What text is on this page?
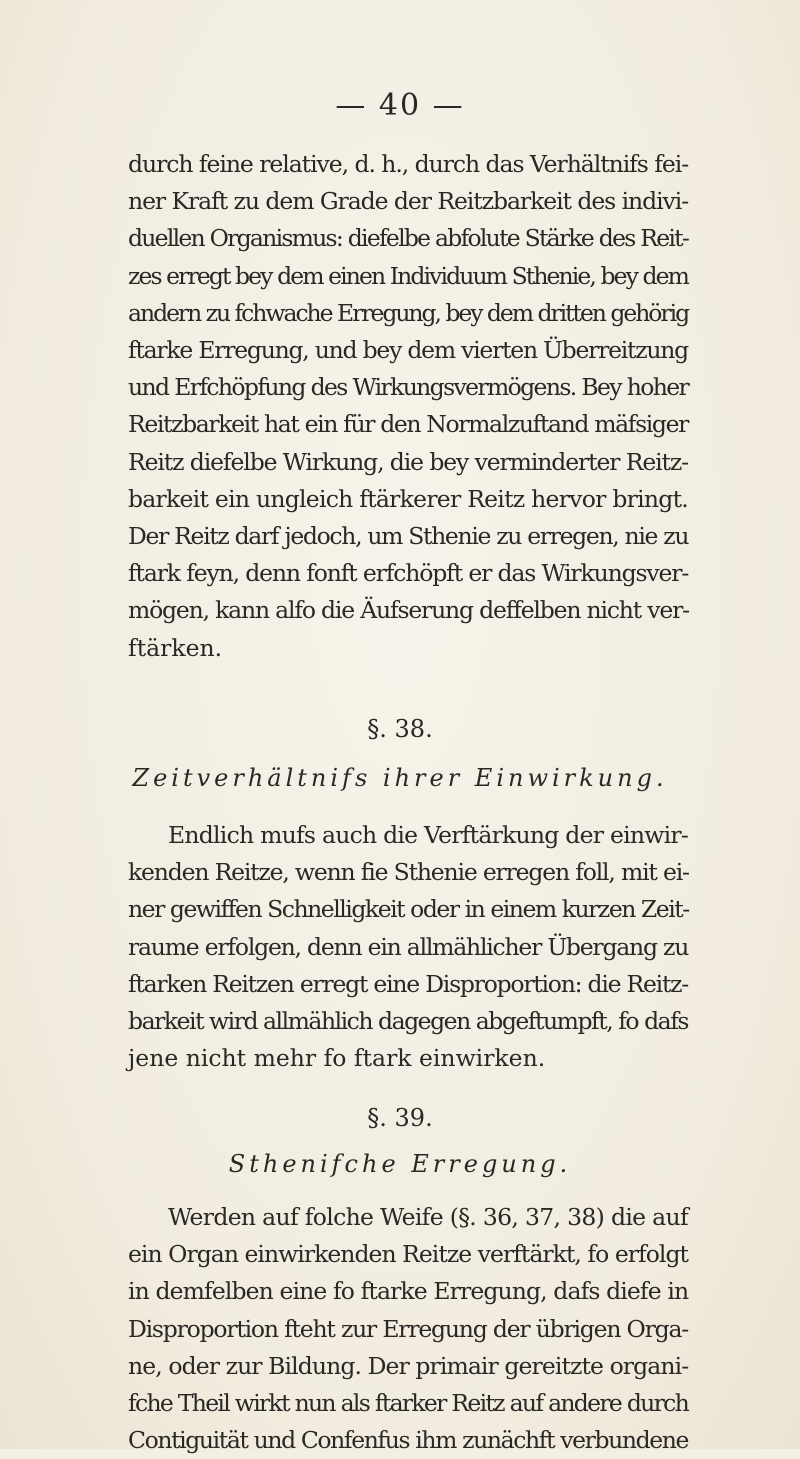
— 40 —
durch feine relative, d. h., durch das Verhältnifs fei-
ner Kraft zu dem Grade der Reitzbarkeit des indivi-
duellen Organismus: diefelbe abfolute Stärke des Reit-
zes erregt bey dem einen Individuum Sthenie, bey dem
andern zu fchwache Erregung, bey dem dritten gehörig
ftarke Erregung, und bey dem vierten Überreitzung
und Erfchöpfung des Wirkungsvermögens. Bey hoher
Reitzbarkeit hat ein für den Normalzuftand mäfsiger
Reitz diefelbe Wirkung, die bey verminderter Reitz-
barkeit ein ungleich ftärkerer Reitz hervor bringt.
Der Reitz darf jedoch, um Sthenie zu erregen, nie zu
ftark feyn, denn fonft erfchöpft er das Wirkungsver-
mögen, kann alfo die Äufserung deffelben nicht ver-
ftärken.
§. 38.
Zeitverhältnifs ihrer Einwirkung.
Endlich mufs auch die Verftärkung der einwir-
kenden Reitze, wenn fie Sthenie erregen foll, mit ei-
ner gewiffen Schnelligkeit oder in einem kurzen Zeit-
raume erfolgen, denn ein allmählicher Übergang zu
ftarken Reitzen erregt eine Disproportion: die Reitz-
barkeit wird allmählich dagegen abgeftumpft, fo dafs
jene nicht mehr fo ftark einwirken.
§. 39.
Sthenifche Erregung.
Werden auf folche Weife (§. 36, 37, 38) die auf
ein Organ einwirkenden Reitze verftärkt, fo erfolgt
in demfelben eine fo ftarke Erregung, dafs diefe in
Disproportion fteht zur Erregung der übrigen Orga-
ne, oder zur Bildung. Der primair gereitzte organi-
fche Theil wirkt nun als ftarker Reitz auf andere durch
Contiguität und Confenfus ihm zunächft verbundene
